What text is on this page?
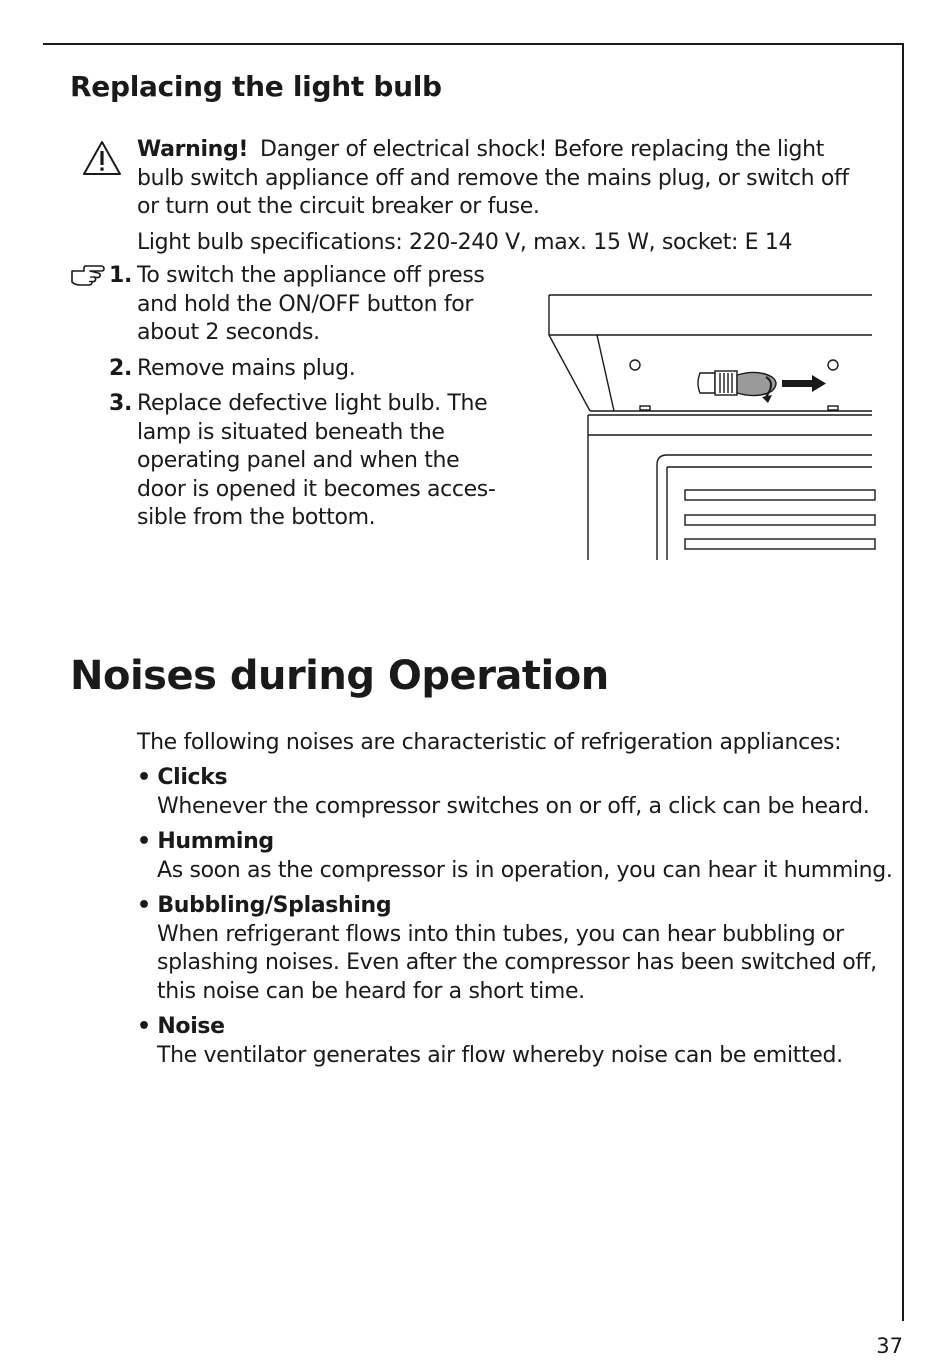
Replacing the light bulb
Warning! Danger of electrical shock! Before replacing the light bulb switch appliance off and remove the mains plug, or switch off or turn out the circuit breaker or fuse.
Light bulb specifications: 220-240 V, max. 15 W, socket: E 14
1. To switch the appliance off press and hold the ON/OFF button for about 2 seconds.
2. Remove mains plug.
3. Replace defective light bulb. The lamp is situated beneath the operating panel and when the door is opened it becomes acces- sible from the bottom.
Noises during Operation
The following noises are characteristic of refrigeration appliances:
• Clicks
Whenever the compressor switches on or off, a click can be heard.
• Humming
As soon as the compressor is in operation, you can hear it humming.
• Bubbling/Splashing
When refrigerant flows into thin tubes, you can hear bubbling or splashing noises. Even after the compressor has been switched off, this noise can be heard for a short time.
• Noise
The ventilator generates air flow whereby noise can be emitted.
37
